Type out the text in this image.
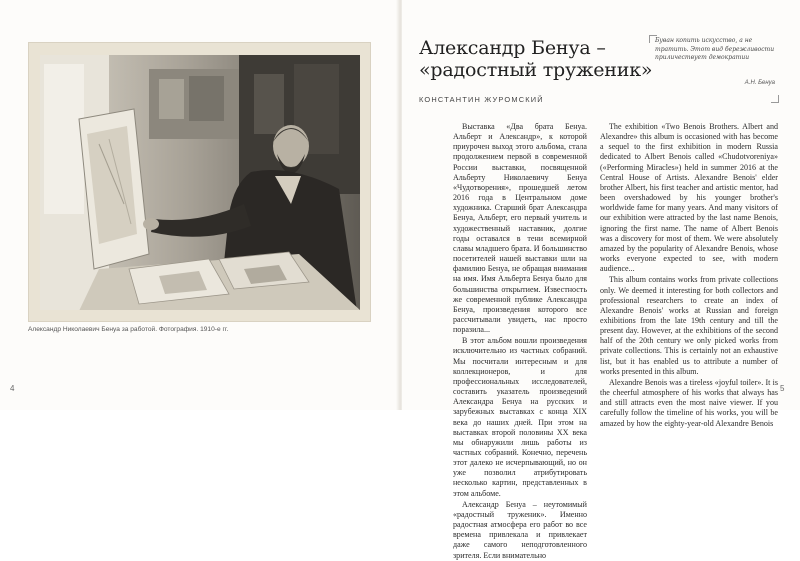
Александр Николаевич Бенуа за работой. Фотография. 1910-е гг.
4
Александр Бенуа –
«радостный труженик»
КОНСТАНТИН ЖУРОМСКИЙ
Буван копить искусство, а не тратить. Этот вид бережливости приличествует демократии
А.Н. Бенуа

Выставка «Два брата Бенуа. Альберт и Александр», к которой приурочен выход этого альбома, стала продолжением первой в современной России выставки, посвященной Альберту Николаевичу Бенуа «Чудотворения», прошедшей летом 2016 года в Центральном доме художника. Старший брат Александра Бенуа, Альберт, его первый учитель и художественный наставник, долгие годы оставался в тени всемирной славы младшего брата. И большинство посетителей нашей выставки шли на фамилию Бенуа, не обращая внимания на имя. Имя Альберта Бенуа было для большинства открытием. Известность же современной публике Александра Бенуа, произведения которого все рассчитывали увидеть, нас просто поразила...

В этот альбом вошли произведения исключительно из частных собраний. Мы посчитали интересным и для коллекционеров, и для профессиональных исследователей, составить указатель произведений Александра Бенуа на русских и зарубежных выставках с конца XIX века до наших дней. При этом на выставках второй половины XX века мы обнаружили лишь работы из частных собраний. Конечно, перечень этот далеко не исчерпывающий, но он уже позволил атрибутировать несколько картин, представленных в этом альбоме.

Александр Бенуа – неутомимый «радостный труженик». Именно радостная атмосфера его работ во все времена привлекала и привлекает даже самого неподготовленного зрителя. Если внимательно

The exhibition «Two Benois Brothers. Albert and Alexandre» this album is occasioned with has become a sequel to the first exhibition in modern Russia dedicated to Albert Benois called «Chudotvoreniya» («Performing Miracles») held in summer 2016 at the Central House of Artists. Alexandre Benois' elder brother Albert, his first teacher and artistic mentor, had been overshadowed by his younger brother's worldwide fame for many years. And many visitors of our exhibition were attracted by the last name Benois, ignoring the first name. The name of Albert Benois was a discovery for most of them. We were absolutely amazed by the popularity of Alexandre Benois, whose works everyone expected to see, with modern audience...

This album contains works from private collections only. We deemed it interesting for both collectors and professional researchers to create an index of Alexandre Benois' works at Russian and foreign exhibitions from the late 19th century and till the present day. However, at the exhibitions of the second half of the 20th century we only picked works from private collections. This is certainly not an exhaustive list, but it has enabled us to attribute a number of works presented in this album.

Alexandre Benois was a tireless «joyful toiler». It is the cheerful atmosphere of his works that always has and still attracts even the most naive viewer. If you carefully follow the timeline of his works, you will be amazed by how the eighty-year-old Alexandre Benois

5
